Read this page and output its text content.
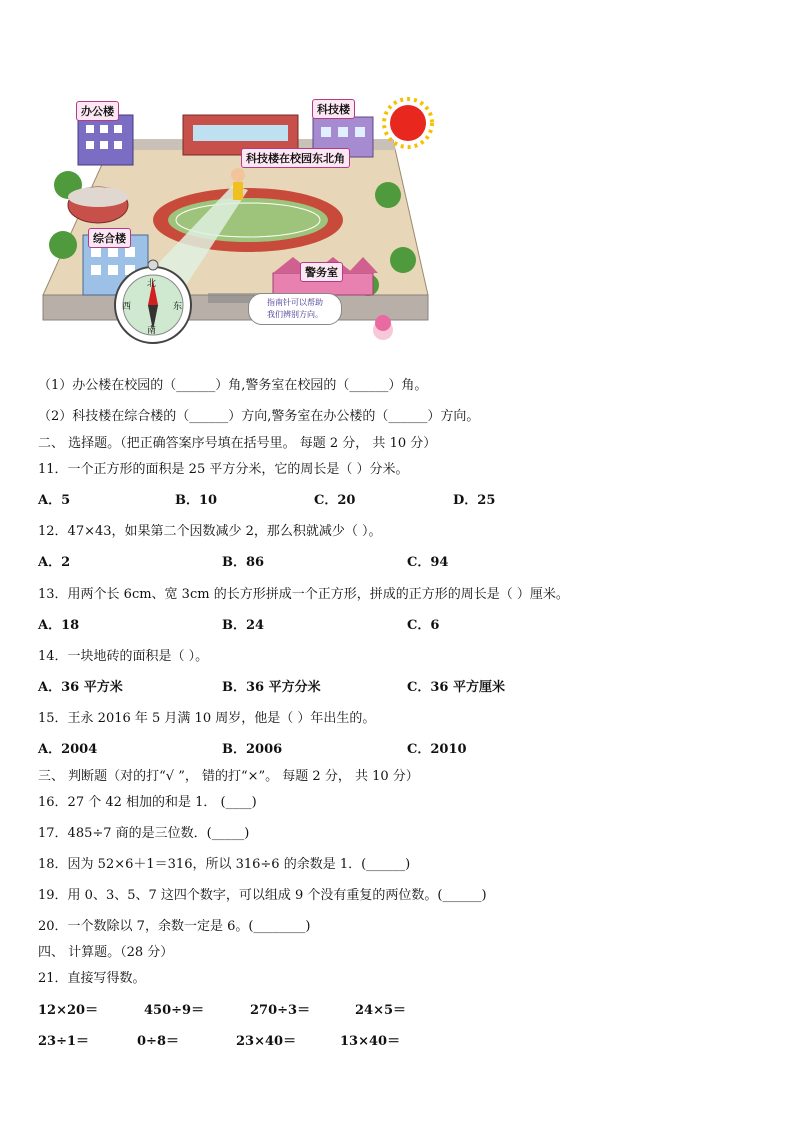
北
东
南
西
办公楼	科技楼
科技楼在校园东北角
综合楼
警务室
指南针可以帮助
我们辨别方向。
（1）办公楼在校园的（______）角,警务室在校园的（______）角。
（2）科技楼在综合楼的（______）方向,警务室在办公楼的（______）方向。
二、 选择题。（把正确答案序号填在括号里。 每题 2 分， 共 10 分）
11．一个正方形的面积是 25 平方分米，它的周长是（ ）分米。
A．5	B．10	C．20	D．25
12．47×43，如果第二个因数减少 2，那么积就减少（ ）。
A．2	B．86	C．94
13．用两个长 6cm、宽 3cm 的长方形拼成一个正方形，拼成的正方形的周长是（ ）厘米。
A．18	B．24	C．6
14．一块地砖的面积是（ ）。
A．36 平方米	B．36 平方分米	C．36 平方厘米
15．王永 2016 年 5 月满 10 周岁，他是（ ）年出生的。
A．2004	B．2006	C．2010
三、 判断题（对的打“√ ”， 错的打“×”。 每题 2 分， 共 10 分）
16．27 个 42 相加的和是 1． (____)
17．485÷7 商的是三位数．(_____)
18．因为 52×6＋1＝316，所以 316÷6 的余数是 1．(______)
19．用 0、3、5、7 这四个数字，可以组成 9 个没有重复的两位数。(______)
20．一个数除以 7，余数一定是 6。(________)
四、 计算题。（28 分）
21．直接写得数。
12×20＝	450÷9＝	270÷3＝	24×5＝
23÷1＝	0÷8＝	23×40＝	13×40＝
